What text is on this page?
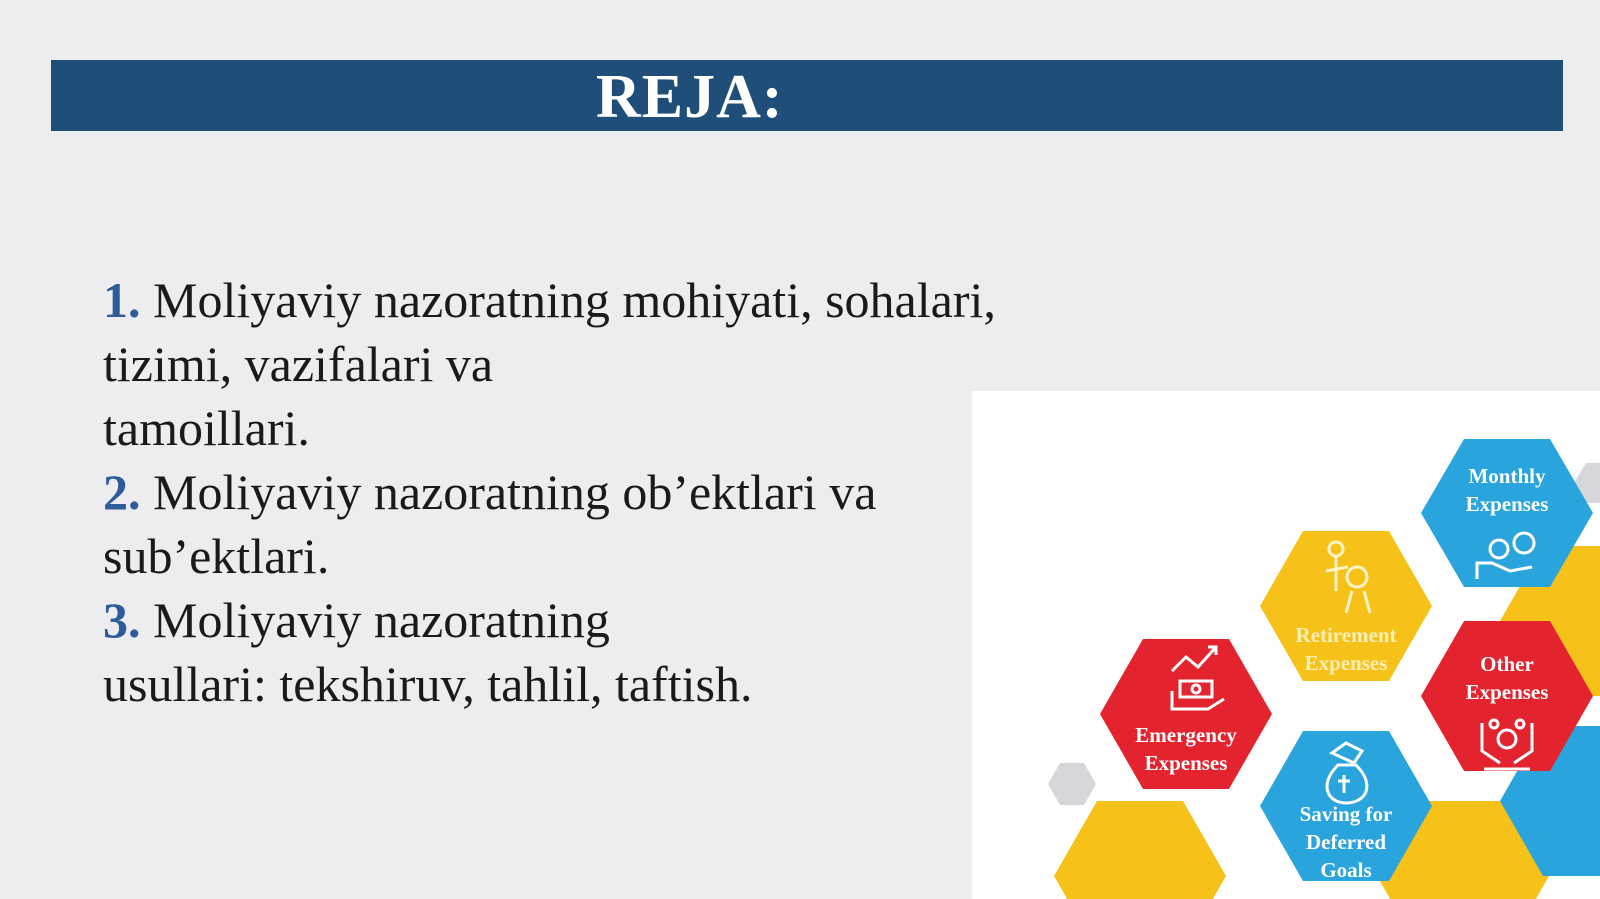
REJA:
1. Moliyaviy nazoratning mohiyati, sohalari,
tizimi, vazifalari va
tamoillari.
2. Moliyaviy nazoratning ob’ektlari va
sub’ektlari.
3. Moliyaviy nazoratning
usullari: tekshiruv, tahlil, taftish.
Monthly
Expenses
Retirement
Expenses	Other
Expenses
Emergency
Expenses
Saving for
Deferred
Goals
